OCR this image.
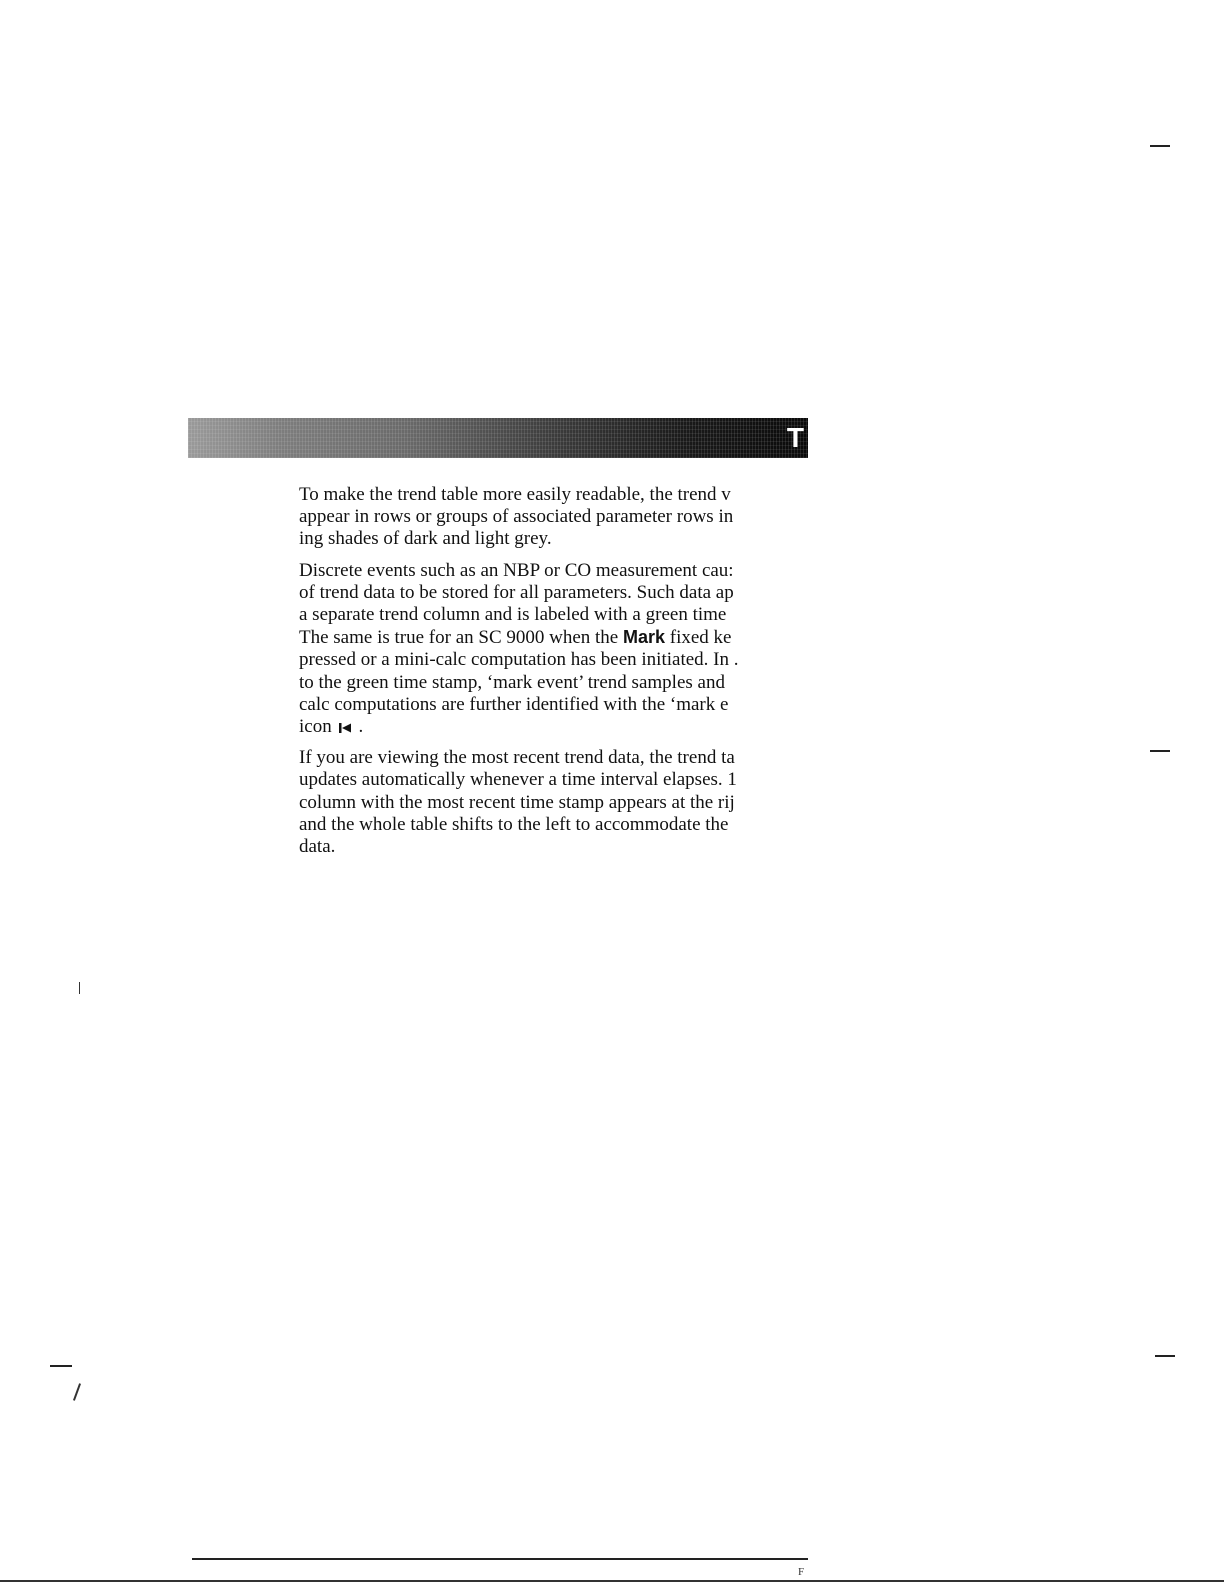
T

To make the trend table more easily readable, the trend v
appear in rows or groups of associated parameter rows in
ing shades of dark and light grey.

Discrete events such as an NBP or CO measurement cau:
of trend data to be stored for all parameters. Such data ap
a separate trend column and is labeled with a green time
The same is true for an SC 9000 when the Mark fixed ke
pressed or a mini-calc computation has been initiated. In .
to the green time stamp, ‘mark event’ trend samples and
calc computations are further identified with the ‘mark e
icon .

If you are viewing the most recent trend data, the trend ta
updates automatically whenever a time interval elapses. 1
column with the most recent time stamp appears at the rij
and the whole table shifts to the left to accommodate the
data.

F
